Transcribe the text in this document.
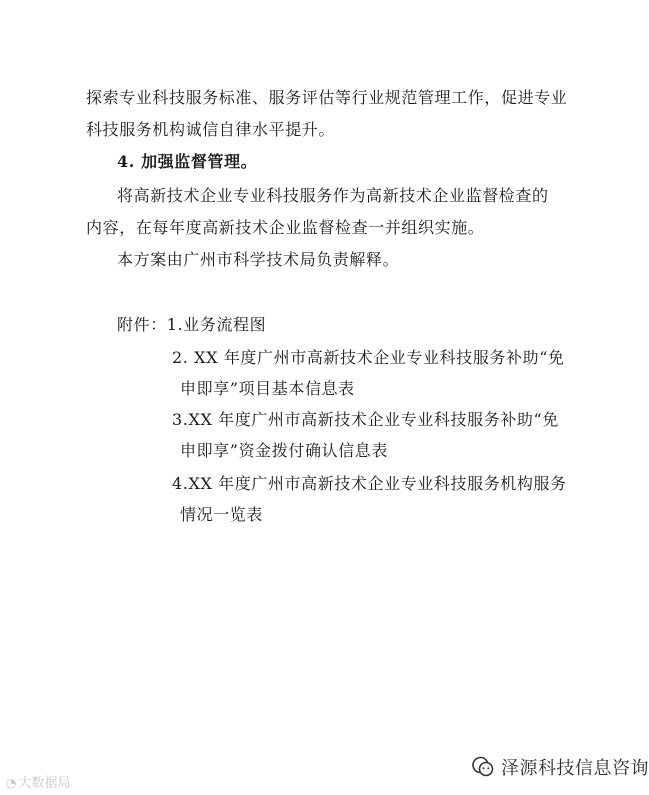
探索专业科技服务标准、服务评估等行业规范管理工作，促进专业
科技服务机构诚信自律水平提升。
4. 加强监督管理。
将高新技术企业专业科技服务作为高新技术企业监督检查的
内容，在每年度高新技术企业监督检查一并组织实施。
本方案由广州市科学技术局负责解释。
附件：1.业务流程图
2. XX 年度广州市高新技术企业专业科技服务补助“免
申即享”项目基本信息表
3.XX 年度广州市高新技术企业专业科技服务补助“免
申即享”资金拨付确认信息表
4.XX 年度广州市高新技术企业专业科技服务机构服务
情况一览表
◔ 大数据局
泽源科技信息咨询
